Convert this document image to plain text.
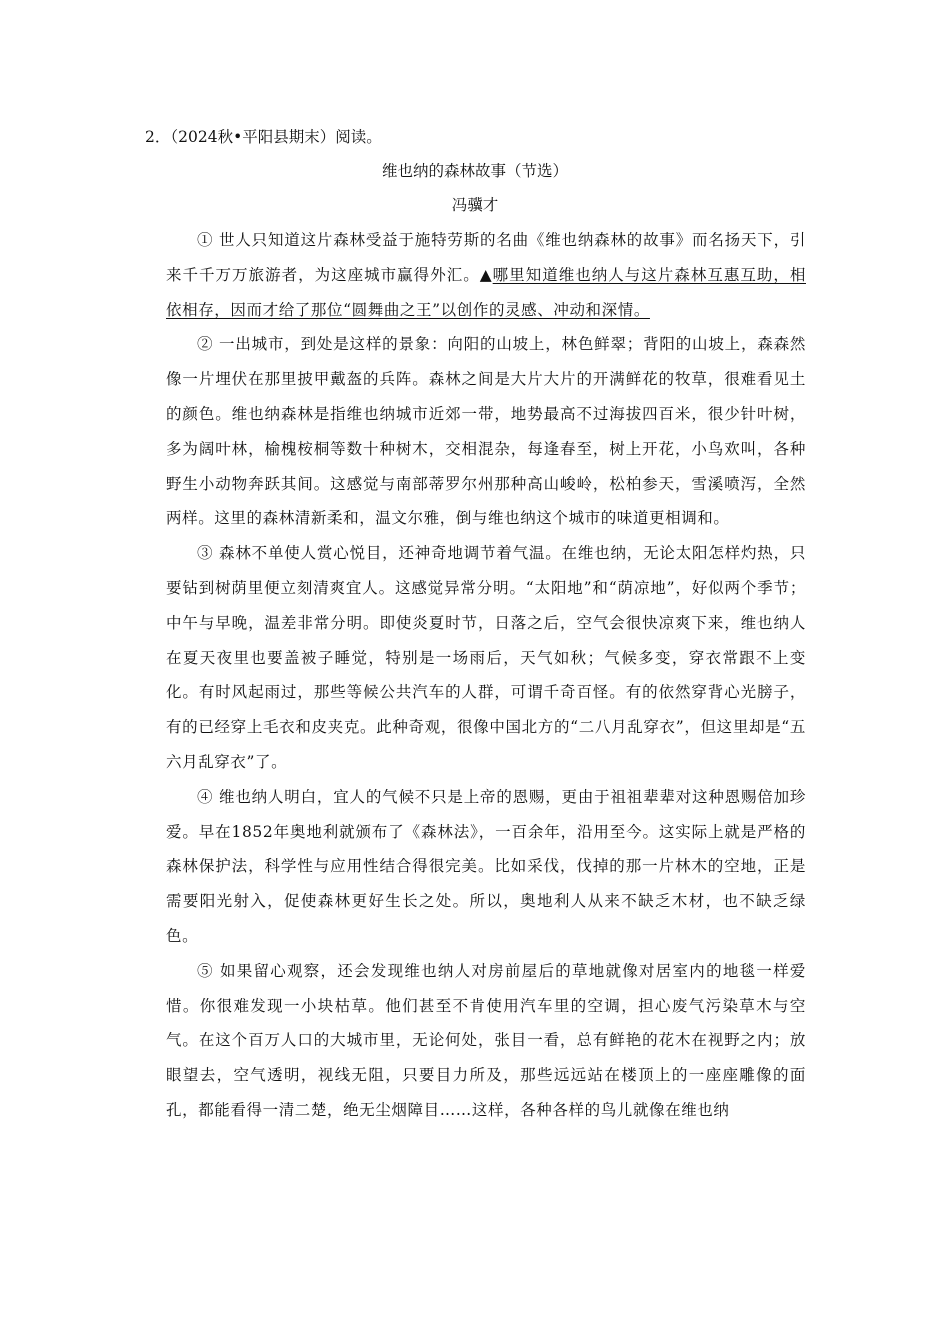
2．（2024秋•平阳县期末）阅读。
维也纳的森林故事（节选）
冯骥才

① 世人只知道这片森林受益于施特劳斯的名曲《维也纳森林的故事》而名扬天下，引来千千万万旅游者，为这座城市赢得外汇。▲哪里知道维也纳人与这片森林互惠互助，相依相存，因而才给了那位“圆舞曲之王”以创作的灵感、冲动和深情。

② 一出城市，到处是这样的景象：向阳的山坡上，林色鲜翠；背阳的山坡上，森森然像一片埋伏在那里披甲戴盔的兵阵。森林之间是大片大片的开满鲜花的牧草，很难看见土的颜色。维也纳森林是指维也纳城市近郊一带，地势最高不过海拔四百米，很少针叶树，多为阔叶林，榆槐桉桐等数十种树木，交相混杂，每逢春至，树上开花，小鸟欢叫，各种野生小动物奔跃其间。这感觉与南部蒂罗尔州那种高山峻岭，松柏参天，雪溪喷泻，全然两样。这里的森林清新柔和，温文尔雅，倒与维也纳这个城市的味道更相调和。

③ 森林不单使人赏心悦目，还神奇地调节着气温。在维也纳，无论太阳怎样灼热，只要钻到树荫里便立刻清爽宜人。这感觉异常分明。“太阳地”和“荫凉地”，好似两个季节；中午与早晚，温差非常分明。即使炎夏时节，日落之后，空气会很快凉爽下来，维也纳人在夏天夜里也要盖被子睡觉，特别是一场雨后，天气如秋；气候多变，穿衣常跟不上变化。有时风起雨过，那些等候公共汽车的人群，可谓千奇百怪。有的依然穿背心光膀子，有的已经穿上毛衣和皮夹克。此种奇观，很像中国北方的“二八月乱穿衣”，但这里却是“五六月乱穿衣”了。

④ 维也纳人明白，宜人的气候不只是上帝的恩赐，更由于祖祖辈辈对这种恩赐倍加珍爱。早在1852年奥地利就颁布了《森林法》，一百余年，沿用至今。这实际上就是严格的森林保护法，科学性与应用性结合得很完美。比如采伐，伐掉的那一片林木的空地，正是需要阳光射入，促使森林更好生长之处。所以，奥地利人从来不缺乏木材，也不缺乏绿色。

⑤ 如果留心观察，还会发现维也纳人对房前屋后的草地就像对居室内的地毯一样爱惜。你很难发现一小块枯草。他们甚至不肯使用汽车里的空调，担心废气污染草木与空气。在这个百万人口的大城市里，无论何处，张目一看，总有鲜艳的花木在视野之内；放眼望去，空气透明，视线无阻，只要目力所及，那些远远站在楼顶上的一座座雕像的面孔，都能看得一清二楚，绝无尘烟障目……这样，各种各样的鸟儿就像在维也纳
